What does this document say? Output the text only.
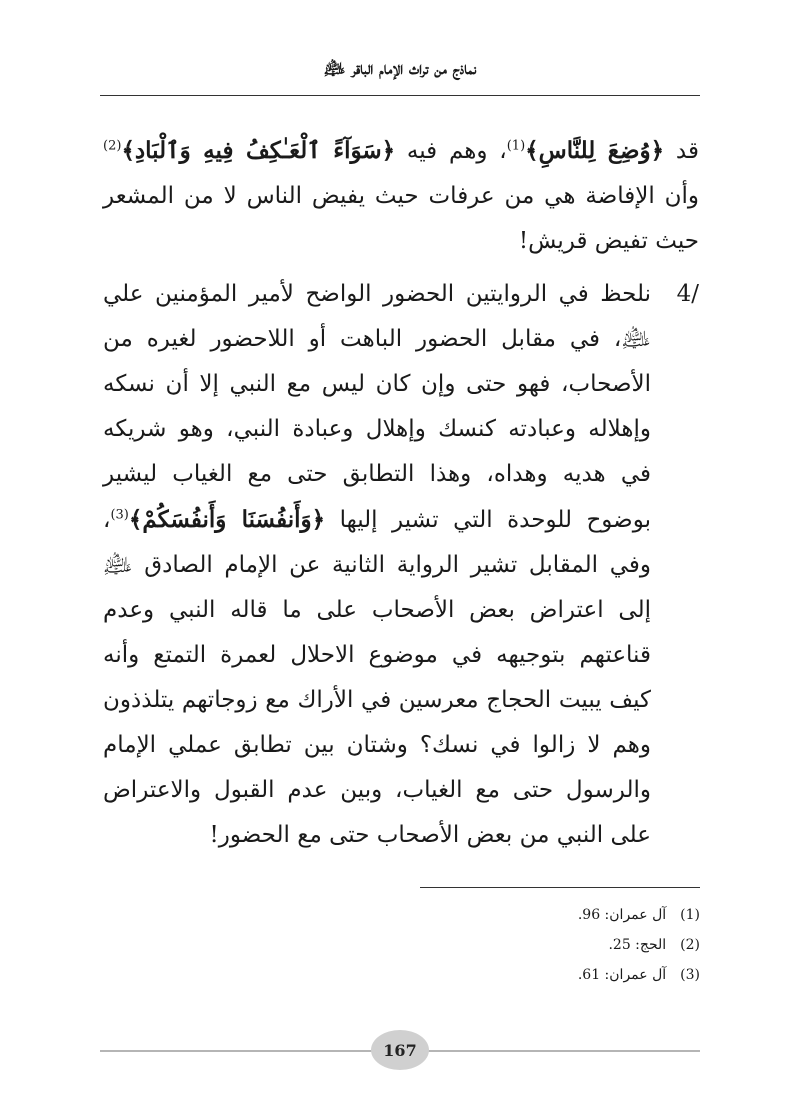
نماذج من تراث الإمام الباقر ﵇

قد ﴿وُضِعَ لِلنَّاسِ﴾$^{(1)}$، وهم فيه ﴿سَوَآءً ٱلْعَـٰكِفُ فِيهِ وَٱلْبَادِ﴾$^{(2)}$ وأن الإفاضة هي من عرفات حيث يفيض الناس لا من المشعر حيث تفيض قريش!

4/
نلحظ في الروايتين الحضور الواضح لأمير المؤمنين علي ﵇، في مقابل الحضور الباهت أو اللاحضور لغيره من الأصحاب، فهو حتى وإن كان ليس مع النبي إلا أن نسكه وإهلاله وعبادته كنسك وإهلال وعبادة النبي، وهو شريكه في هديه وهداه، وهذا التطابق حتى مع الغياب ليشير بوضوح للوحدة التي تشير إليها ﴿وَأَنفُسَنَا وَأَنفُسَكُمْ﴾$^{(3)}$، وفي المقابل تشير الرواية الثانية عن الإمام الصادق ﵇ إلى اعتراض بعض الأصحاب على ما قاله النبي وعدم قناعتهم بتوجيهه في موضوع الاحلال لعمرة التمتع وأنه كيف يبيت الحجاج معرسين في الأراك مع زوجاتهم يتلذذون وهم لا زالوا في نسك؟ وشتان بين تطابق عملي الإمام والرسول حتى مع الغياب، وبين عدم القبول والاعتراض على النبي من بعض الأصحاب حتى مع الحضور!

(1)
آل عمران: 96.
(2)
الحج: 25.
(3)
آل عمران: 61.
167
